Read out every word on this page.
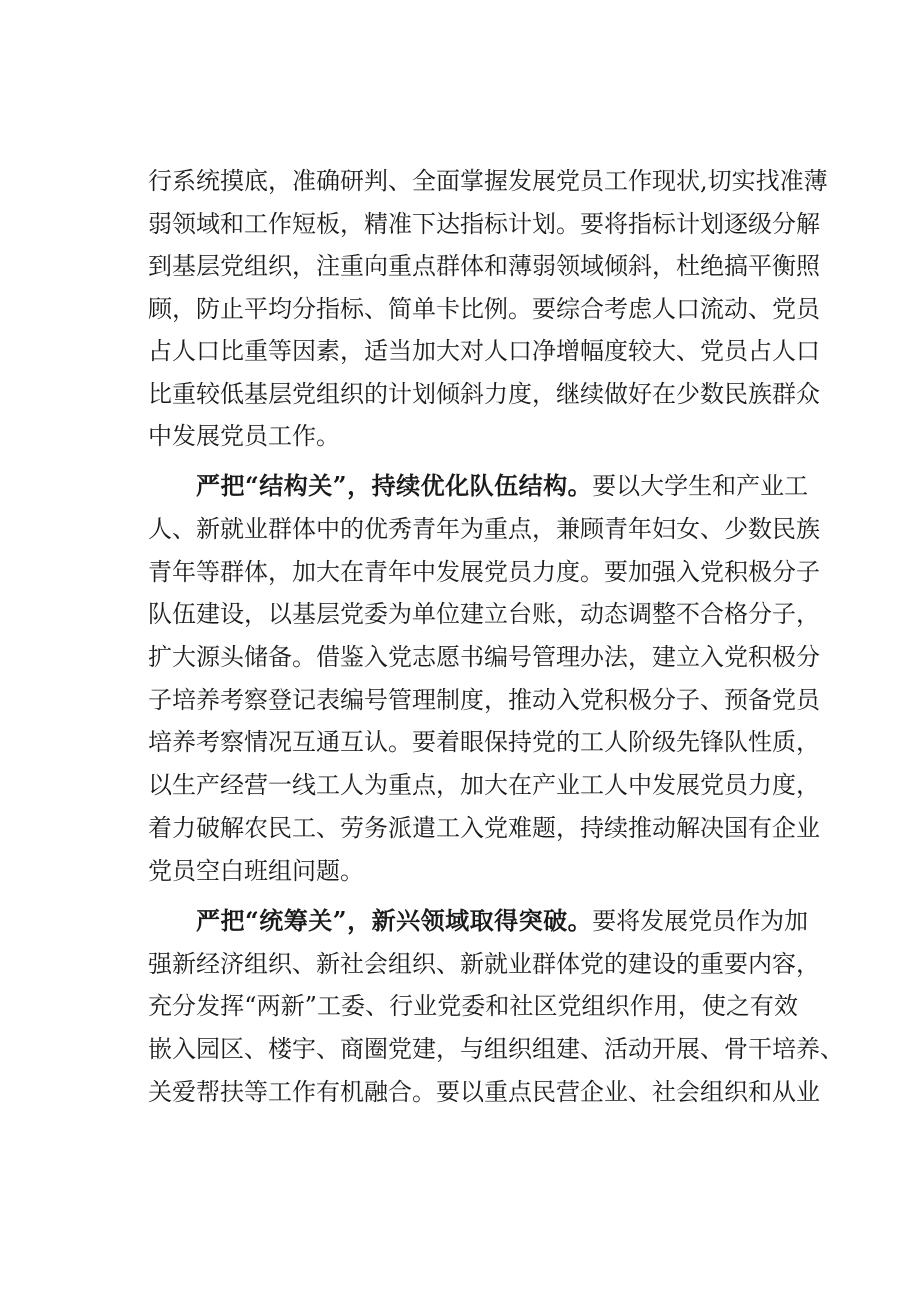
行系统摸底，准确研判、全面掌握发展党员工作现状,切实找准薄
弱领域和工作短板，精准下达指标计划。要将指标计划逐级分解
到基层党组织，注重向重点群体和薄弱领域倾斜，杜绝搞平衡照
顾，防止平均分指标、简单卡比例。要综合考虑人口流动、党员
占人口比重等因素，适当加大对人口净增幅度较大、党员占人口
比重较低基层党组织的计划倾斜力度，继续做好在少数民族群众
中发展党员工作。
严把“结构关”，持续优化队伍结构。 要以大学生和产业工
人、新就业群体中的优秀青年为重点，兼顾青年妇女、少数民族
青年等群体，加大在青年中发展党员力度。要加强入党积极分子
队伍建设，以基层党委为单位建立台账，动态调整不合格分子，
扩大源头储备。借鉴入党志愿书编号管理办法，建立入党积极分
子培养考察登记表编号管理制度，推动入党积极分子、预备党员
培养考察情况互通互认。要着眼保持党的工人阶级先锋队性质，
以生产经营一线工人为重点，加大在产业工人中发展党员力度，
着力破解农民工、劳务派遣工入党难题，持续推动解决国有企业
党员空白班组问题。
严把“统筹关”，新兴领域取得突破。 要将发展党员作为加
强新经济组织、新社会组织、新就业群体党的建设的重要内容，
充分发挥“两新”工委、行业党委和社区党组织作用，使之有效
嵌入园区、楼宇、商圈党建，与组织组建、活动开展、骨干培养、
关爱帮扶等工作有机融合。要以重点民营企业、社会组织和从业
